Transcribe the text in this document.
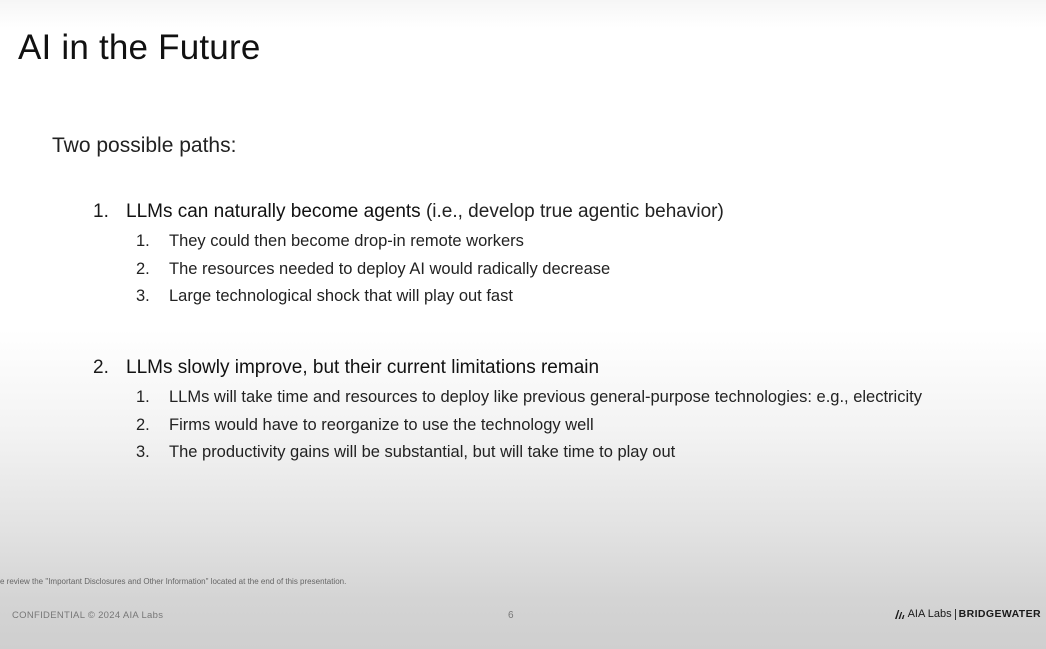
AI in the Future
Two possible paths:
1. LLMs can naturally become agents (i.e., develop true agentic behavior)
1. They could then become drop-in remote workers
2. The resources needed to deploy AI would radically decrease
3. Large technological shock that will play out fast
2. LLMs slowly improve, but their current limitations remain
1. LLMs will take time and resources to deploy like previous general-purpose technologies: e.g., electricity
2. Firms would have to reorganize to use the technology well
3. The productivity gains will be substantial, but will take time to play out
e review the "Important Disclosures and Other Information" located at the end of this presentation.
CONFIDENTIAL © 2024 AIA Labs	6	AIA Labs BRIDGEWATER
